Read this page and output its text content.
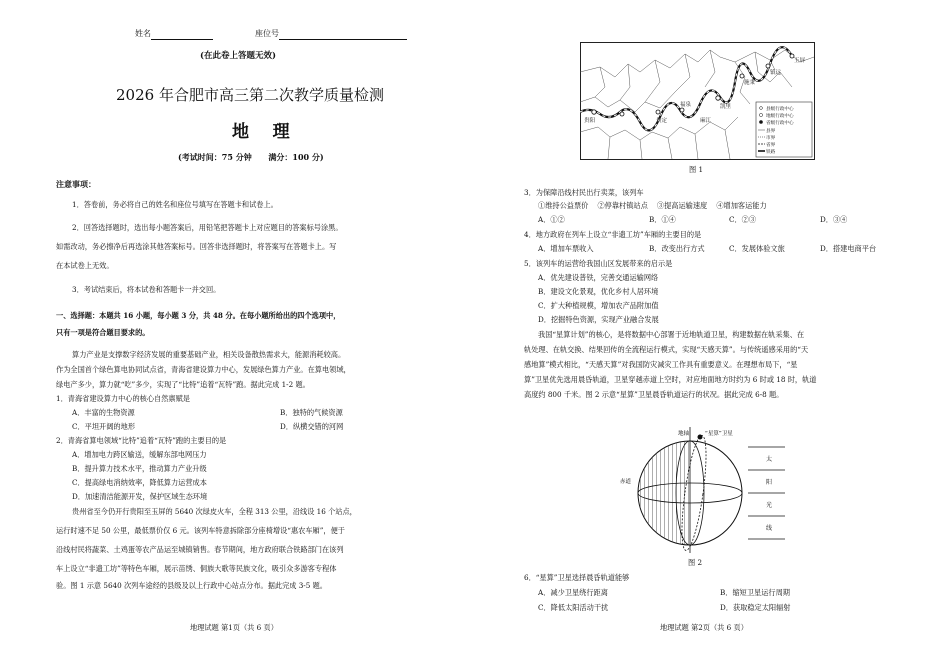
姓名	座位号
(在此卷上答题无效)
2026 年合肥市高三第二次教学质量检测
地    理
(考试时间：75 分钟      满分：100 分)
注意事项：
1．答卷前，务必将自己的姓名和座位号填写在答题卡和试卷上。
2．回答选择题时，选出每小题答案后，用铅笔把答题卡上对应题目的答案标号涂黑。
如需改动，务必擦净后再选涂其他答案标号。回答非选择题时，将答案写在答题卡上。写
在本试卷上无效。
3．考试结束后，将本试卷和答题卡一并交回。
一、选择题：本题共 16 小题，每小题 3 分，共 48 分。在每小题所给出的四个选项中，
只有一项是符合题目要求的。
算力产业是支撑数字经济发展的重要基础产业，相关设备散热需求大，能源消耗较高。
作为全国首个绿色算电协同试点省，青海省建设算力中心，发展绿色算力产业。在算电领域，
绿电产多少，算力就“吃”多少，实现了“比特”追着“瓦特”跑。据此完成 1-2 题。
1．青海省建设算力中心的核心自然禀赋是
A．丰富的生物资源	B．独特的气候资源
C．平坦开阔的地形	D．纵横交错的河网
2．青海省算电领域“比特”追着“瓦特”跑的主要目的是
A．增加电力跨区输送，缓解东部电网压力
B．提升算力技术水平，推动算力产业升级
C．提高绿电消纳效率，降低算力运营成本
D．加速清洁能源开发，保护区域生态环境
贵州省至今仍开行贵阳至玉屏的 5640 次绿皮火车，全程 313 公里，沿线设 16 个站点，
运行时速不足 50 公里，最低票价仅 6 元。该列车特意拆除部分座椅增设“惠农车厢”，便于
沿线村民将蔬菜、土鸡蛋等农产品运至城镇销售。春节期间，地方政府联合铁路部门在该列
车上设立“非遗工坊”等特色车厢，展示苗绣、侗族大歌等民族文化，吸引众多游客专程体
验。图 1 示意 5640 次列车途经的县级及以上行政中心站点分布。据此完成 3-5 题。
地理试题 第1页（共 6 页）
玉屏
镇远
施秉
凯里
福泉
贵定
贵阳	麻江
县级行政中心
地级行政中心
省级行政中心
县界
市界
省界
铁路
图 1
3．为保障沿线村民出行卖菜，该列车
①维持公益票价    ②停靠村镇站点    ③提高运输速度    ④增加客运能力
A．①②	B．①④	C．②③	D．③④
4．地方政府在列车上设立“非遗工坊”车厢的主要目的是
A．增加车票收入	B．改变出行方式	C．发展体验文旅	D．搭建电商平台
5．该列车的运营给我国山区发展带来的启示是
A．优先建设普铁，完善交通运输网络
B．建设文化景观，优化乡村人居环境
C．扩大种植规模，增加农产品附加值
D．挖掘特色资源，实现产业融合发展
我国“星算计划”的核心，是将数据中心部署于近地轨道卫星，构建数据在轨采集、在
轨处理、在轨交换、结果回传的全流程运行模式，实现“天感天算”。与传统遥感采用的“天
感地算”模式相比，“天感天算”对我国防灾减灾工作具有重要意义。在理想布局下，“星
算”卫星优先选用晨昏轨道，卫星穿越赤道上空时，对应地面地方时约为 6 时或 18 时，轨道
高度约 800 千米。图 2 示意“星算”卫星晨昏轨道运行的状况。据此完成 6-8 题。
地轴	“星算”卫星
赤道
太
阳
光
线
图 2
6．“星算”卫星选择晨昏轨道能够
A．减少卫星绕行距离	B．缩短卫星运行周期
C．降低太阳活动干扰	D．获取稳定太阳辐射
地理试题 第2页（共 6 页）
